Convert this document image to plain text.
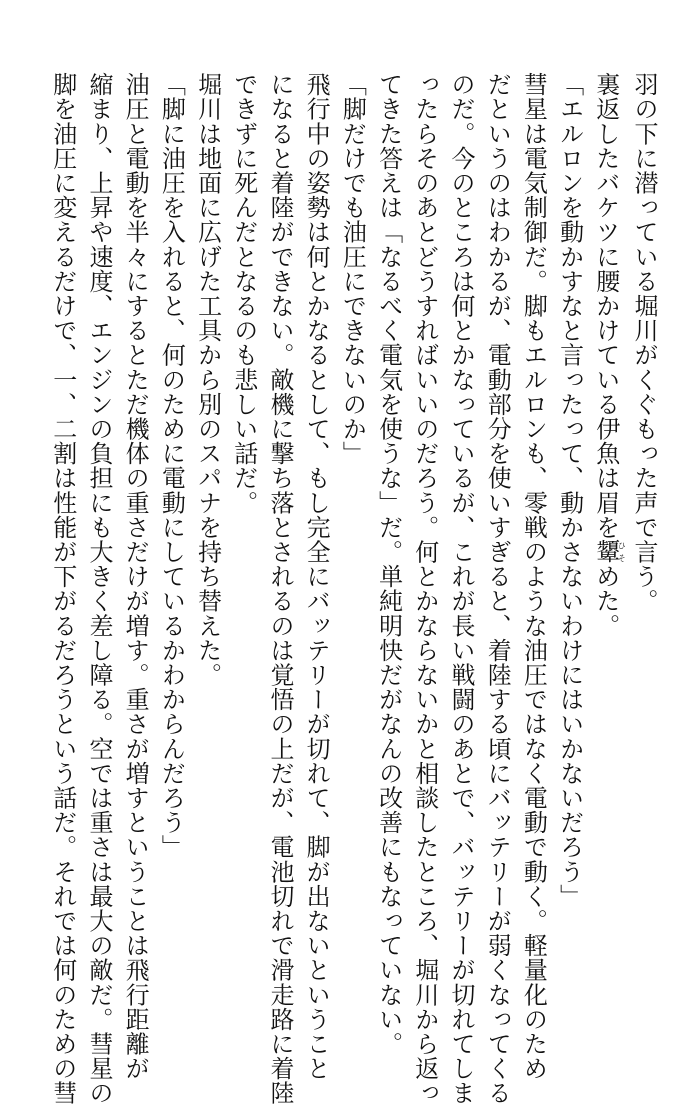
羽の下に潜っている堀川がくぐもった声で言う。
裏返したバケツに腰かけている伊魚は眉を顰ひそめた。
「エルロンを動かすなと言ったって、動かさないわけにはいかないだろう」
彗星は電気制御だ。脚もエルロンも、零戦のような油圧ではなく電動で動く。軽量化のため
だというのはわかるが、電動部分を使いすぎると、着陸する頃にバッテリーが弱くなってくる
のだ。今のところは何とかなっているが、これが長い戦闘のあとで、バッテリーが切れてしま
ったらそのあとどうすればいいのだろう。何とかならないかと相談したところ、堀川から返っ
てきた答えは「なるべく電気を使うな」だ。単純明快だがなんの改善にもなっていない。
「脚だけでも油圧にできないのか」
飛行中の姿勢は何とかなるとして、もし完全にバッテリーが切れて、脚が出ないということ
になると着陸ができない。敵機に撃ち落とされるのは覚悟の上だが、電池切れで滑走路に着陸
できずに死んだとなるのも悲しい話だ。
堀川は地面に広げた工具から別のスパナを持ち替えた。
「脚に油圧を入れると、何のために電動にしているかわからんだろう」
油圧と電動を半々にするとただ機体の重さだけが増す。重さが増すということは飛行距離が
縮まり、上昇や速度、エンジンの負担にも大きく差し障る。空では重さは最大の敵だ。彗星の
脚を油圧に変えるだけで、一、二割は性能が下がるだろうという話だ。それでは何のための彗
